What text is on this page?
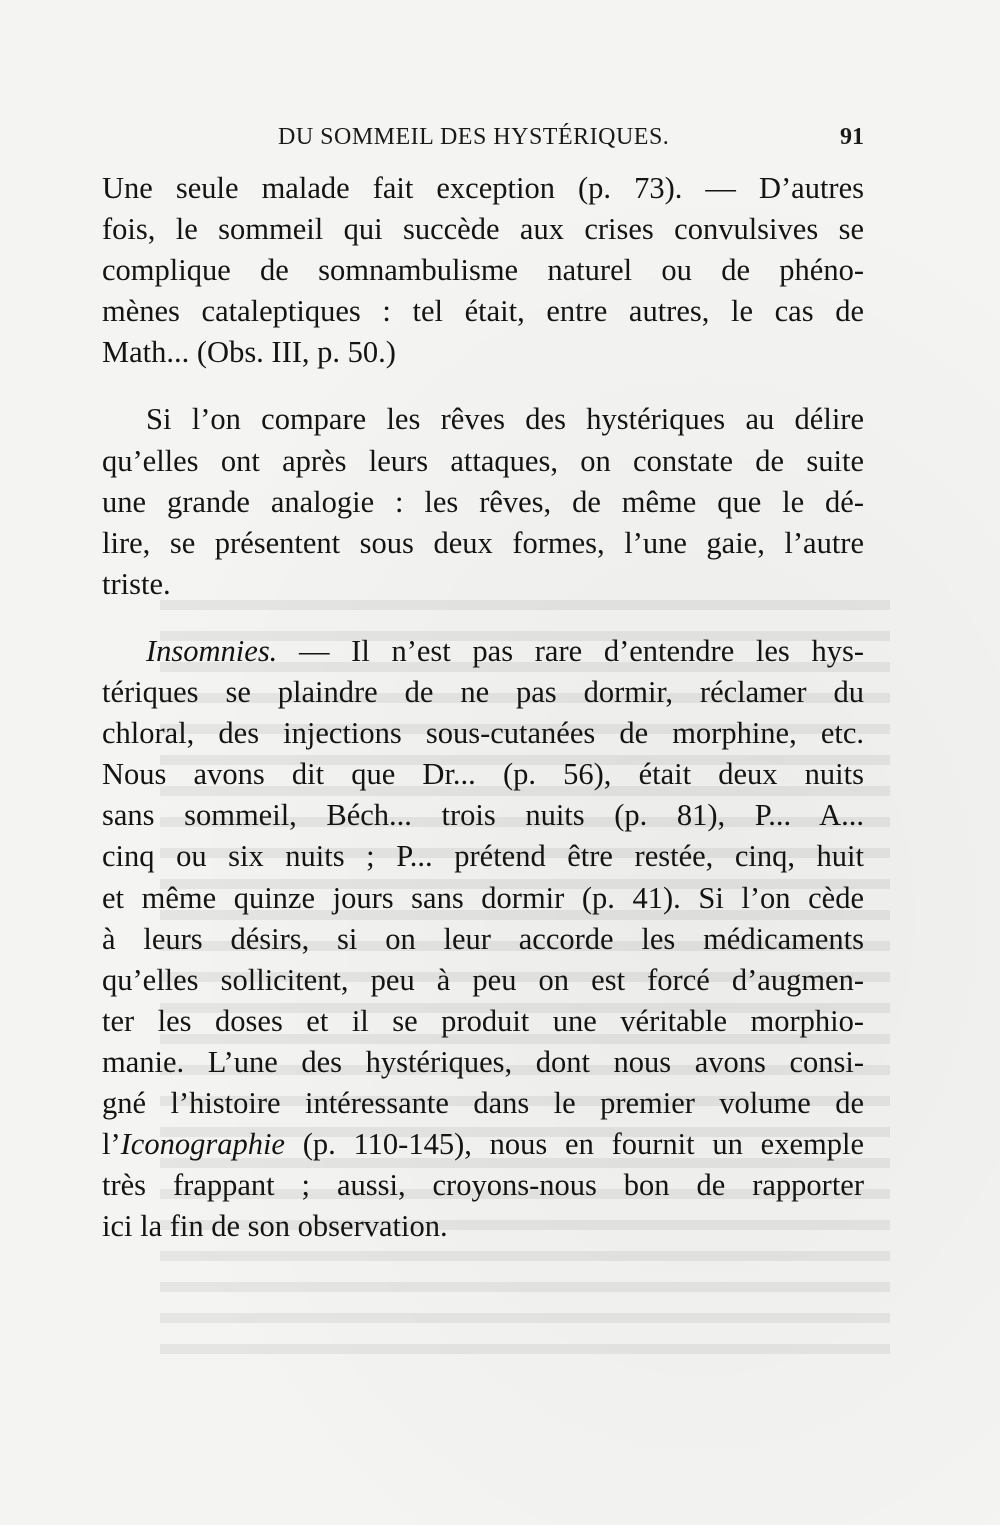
DU SOMMEIL DES HYSTÉRIQUES.	91
Une seule malade fait exception (p. 73). — D’autres
fois, le sommeil qui succède aux crises convulsives se
complique de somnambulisme naturel ou de phéno-
mènes cataleptiques : tel était, entre autres, le cas de
Math... (Obs. III, p. 50.)
Si l’on compare les rêves des hystériques au délire
qu’elles ont après leurs attaques, on constate de suite
une grande analogie : les rêves, de même que le dé-
lire, se présentent sous deux formes, l’une gaie, l’autre
triste.
Insomnies. — Il n’est pas rare d’entendre les hys-
tériques se plaindre de ne pas dormir, réclamer du
chloral, des injections sous-cutanées de morphine, etc.
Nous avons dit que Dr... (p. 56), était deux nuits
sans sommeil, Béch... trois nuits (p. 81), P... A...
cinq ou six nuits ; P... prétend être restée, cinq, huit
et même quinze jours sans dormir (p. 41). Si l’on cède
à leurs désirs, si on leur accorde les médicaments
qu’elles sollicitent, peu à peu on est forcé d’augmen-
ter les doses et il se produit une véritable morphio-
manie. L’une des hystériques, dont nous avons consi-
gné l’histoire intéressante dans le premier volume de
l’Iconographie (p. 110-145), nous en fournit un exemple
très frappant ; aussi, croyons-nous bon de rapporter
ici la fin de son observation.
